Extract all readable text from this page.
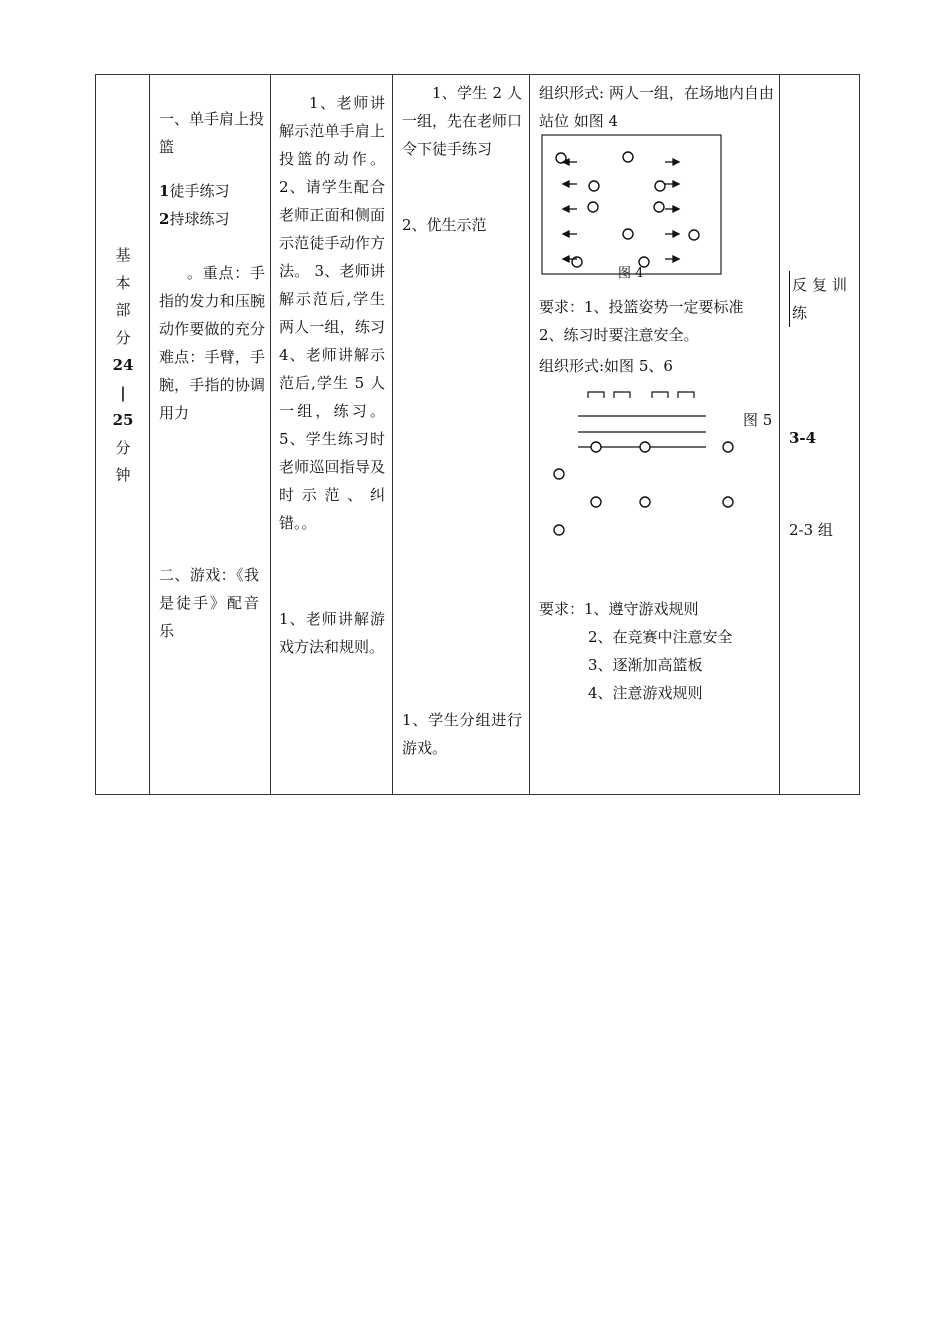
基
本
部
分
24
|
25
分
钟
一、单手肩上投篮
1徒手练习
2持球练习
。重点：手指的发力和压腕动作要做的充分难点：手臂，手腕，手指的协调用力
二、游戏：《我是徒手》配音乐
1、老师讲解示范单手肩上投篮的动作。2、请学生配合老师正面和侧面示范徒手动作方法。 3、老师讲解示范后,学生两人一组，练习 4、老师讲解示范后,学生 5 人一组，练习。5、学生练习时老师巡回指导及时示范、纠错。。
1、老师讲解游戏方法和规则。
1、学生 2 人一组，先在老师口令下徒手练习
2、优生示范
1、学生分组进行游戏。
组织形式: 两人一组，在场地内自由站位 如图 4
图 4
要求：1、投篮姿势一定要标准
2、练习时要注意安全。
组织形式:如图 5、6
图 5
要求：1、遵守游戏规则
2、在竞赛中注意安全
3、逐渐加高篮板
4、注意游戏规则
反复训练
3-4
2-3 组
